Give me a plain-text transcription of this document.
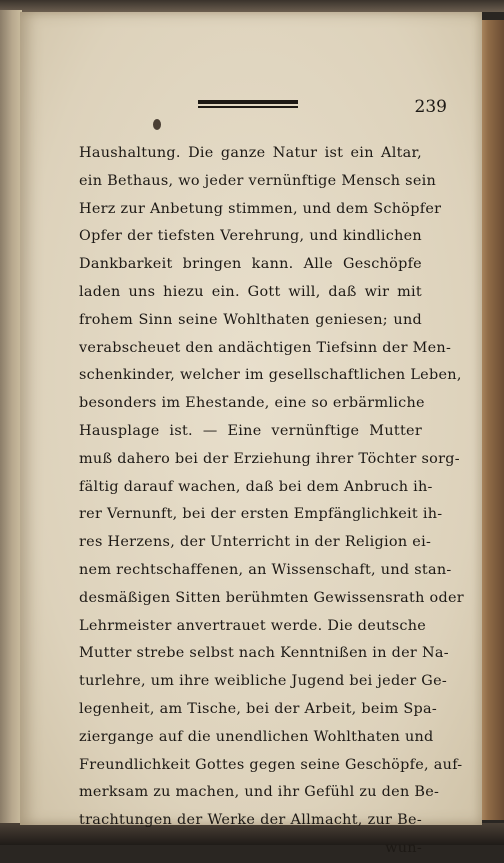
239
Haushaltung. Die ganze Natur ist ein Altar,
ein Bethaus, wo jeder vernünftige Mensch sein
Herz zur Anbetung stimmen, und dem Schöpfer
Opfer der tiefsten Verehrung, und kindlichen
Dankbarkeit bringen kann. Alle Geschöpfe
laden uns hiezu ein. Gott will, daß wir mit
frohem Sinn seine Wohlthaten geniesen; und
verabscheuet den andächtigen Tiefsinn der Men-
schenkinder, welcher im gesellschaftlichen Leben,
besonders im Ehestande, eine so erbärmliche
Hausplage ist. — Eine vernünftige Mutter
muß dahero bei der Erziehung ihrer Töchter sorg-
fältig darauf wachen, daß bei dem Anbruch ih-
rer Vernunft, bei der ersten Empfänglichkeit ih-
res Herzens, der Unterricht in der Religion ei-
nem rechtschaffenen, an Wissenschaft, und stan-
desmäßigen Sitten berühmten Gewissensrath oder
Lehrmeister anvertrauet werde. Die deutsche
Mutter strebe selbst nach Kenntnißen in der Na-
turlehre, um ihre weibliche Jugend bei jeder Ge-
legenheit, am Tische, bei der Arbeit, beim Spa-
ziergange auf die unendlichen Wohlthaten und
Freundlichkeit Gottes gegen seine Geschöpfe, auf-
merksam zu machen, und ihr Gefühl zu den Be-
trachtungen der Werke der Allmacht, zur Be-
wun-
